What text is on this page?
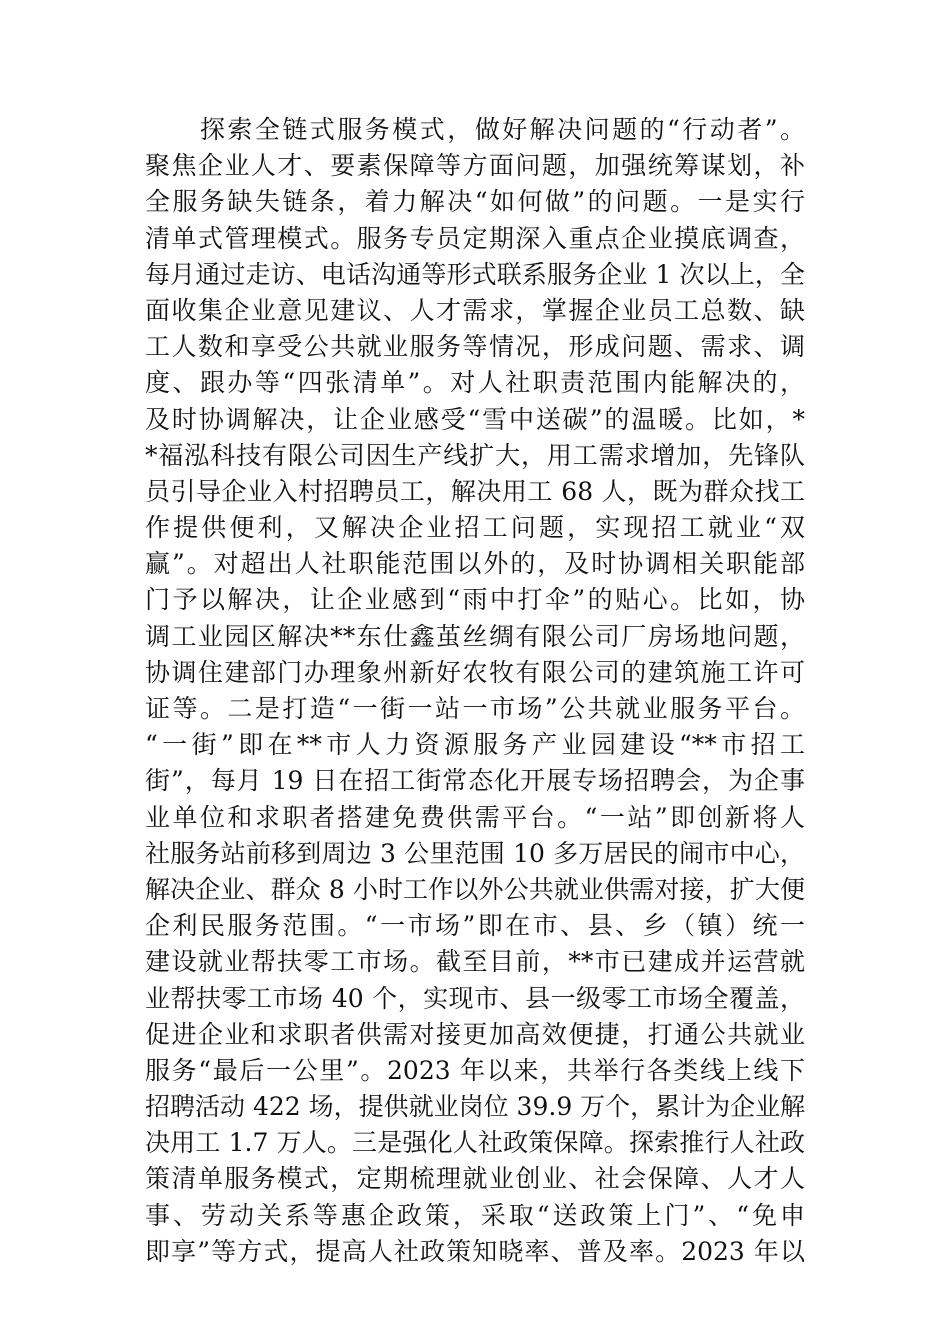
　　探索全链式服务模式，做好解决问题的“行动者”。
聚焦企业人才、要素保障等方面问题，加强统筹谋划，补
全服务缺失链条，着力解决“如何做”的问题。一是实行
清单式管理模式。服务专员定期深入重点企业摸底调查，
每月通过走访、电话沟通等形式联系服务企业 1 次以上，全
面收集企业意见建议、人才需求，掌握企业员工总数、缺
工人数和享受公共就业服务等情况，形成问题、需求、调
度、跟办等“四张清单”。对人社职责范围内能解决的，
及时协调解决，让企业感受“雪中送碳”的温暖。比如，*
*福泓科技有限公司因生产线扩大，用工需求增加，先锋队
员引导企业入村招聘员工，解决用工 68 人，既为群众找工
作提供便利，又解决企业招工问题，实现招工就业“双
赢”。对超出人社职能范围以外的，及时协调相关职能部
门予以解决，让企业感到“雨中打伞”的贴心。比如，协
调工业园区解决**东仕鑫茧丝绸有限公司厂房场地问题，
协调住建部门办理象州新好农牧有限公司的建筑施工许可
证等。二是打造“一街一站一市场”公共就业服务平台。
“一街”即在**市人力资源服务产业园建设“**市招工
街”，每月 19 日在招工街常态化开展专场招聘会，为企事
业单位和求职者搭建免费供需平台。“一站”即创新将人
社服务站前移到周边 3 公里范围 10 多万居民的闹市中心，
解决企业、群众 8 小时工作以外公共就业供需对接，扩大便
企利民服务范围。“一市场”即在市、县、乡（镇）统一
建设就业帮扶零工市场。截至目前，**市已建成并运营就
业帮扶零工市场 40 个，实现市、县一级零工市场全覆盖，
促进企业和求职者供需对接更加高效便捷，打通公共就业
服务“最后一公里”。2023 年以来，共举行各类线上线下
招聘活动 422 场，提供就业岗位 39.9 万个，累计为企业解
决用工 1.7 万人。三是强化人社政策保障。探索推行人社政
策清单服务模式，定期梳理就业创业、社会保障、人才人
事、劳动关系等惠企政策，采取“送政策上门”、“免申
即享”等方式，提高人社政策知晓率、普及率。2023 年以
